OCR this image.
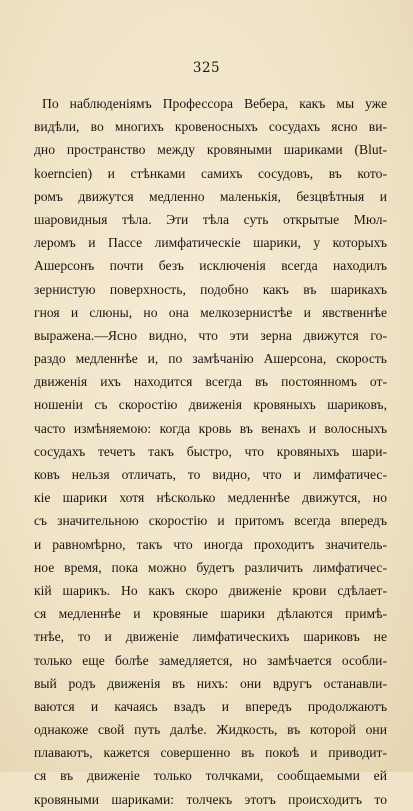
325
По наблюденіямъ Профессора Вебера, какъ мы уже
видѣли, во многихъ кровеносныхъ сосудахъ ясно ви-
дно пространство между кровяными шариками (Blut-
koerncіen) и стѣнками самихъ сосудовъ, въ кото-
ромъ движутся медленно маленькія, безцвѣтныя и
шаровидныя тѣла. Эти тѣла суть открытые Мюл-
леромъ и Пассе лимфатическіе шарики, у которыхъ
Ашерсонъ почти безъ исключенія всегда находилъ
зернистую поверхность, подобно какъ въ шарикахъ
гноя и слюны, но она мелкозернистѣе и явственнѣе
выражена.—Ясно видно, что эти зерна движутся го-
раздо медленнѣе и, по замѣчанію Ашерсона, скорость
движенія ихъ находится всегда въ постоянномъ от-
ношеніи съ скоростію движенія кровяныхъ шариковъ,
часто измѣняемою: когда кровь въ венахъ и волосныхъ
сосудахъ течетъ такъ быстро, что кровяныхъ шари-
ковъ нельзя отличать, то видно, что и лимфатичес-
кіе шарики хотя нѣсколько медленнѣе движутся, но
съ значительною скоростію и притомъ всегда впередъ
и равномѣрно, такъ что иногда проходитъ значитель-
ное время, пока можно будетъ различить лимфатичес-
кій шарикъ. Но какъ скоро движеніе крови сдѣлает-
ся медленнѣе и кровяные шарики дѣлаются примѣ-
тнѣе, то и движеніе лимфатическихъ шариковъ не
только еще болѣе замедляется, но замѣчается особли-
вый родъ движенія въ нихъ: они вдругъ останавли-
ваются и качаясь взадъ и впередъ продолжаютъ
однакоже свой путь далѣе. Жидкость, въ которой они
плаваютъ, кажется совершенно въ покоѣ и приводит-
ся въ движеніе только толчками, сообщаемыми ей
кровяными шариками: толчекъ этотъ происходитъ то
